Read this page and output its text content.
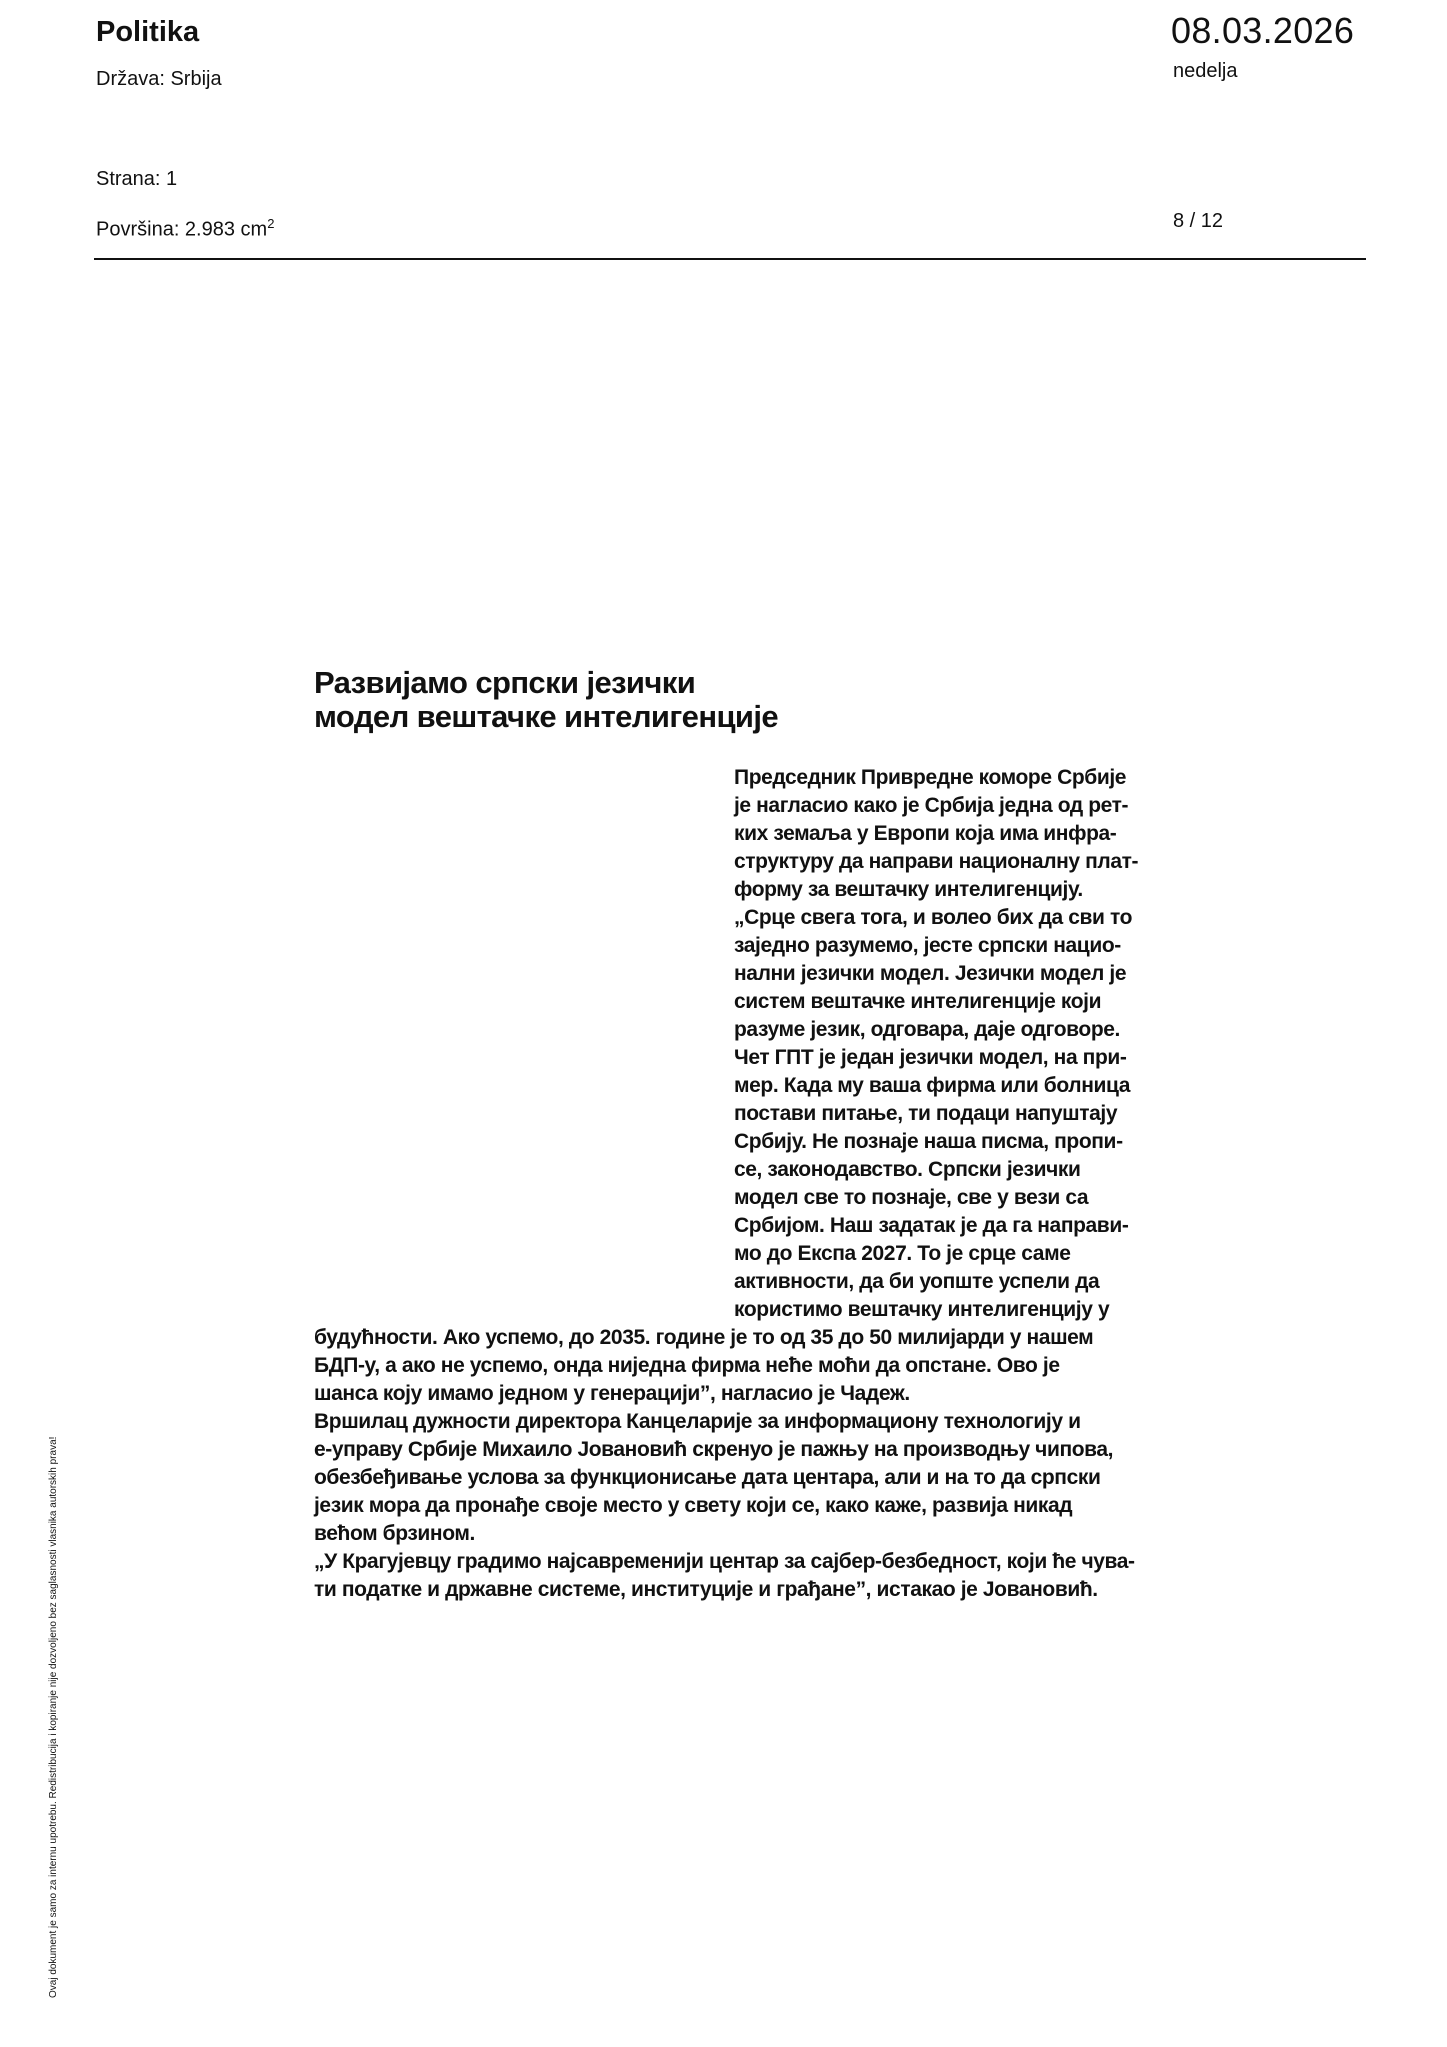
Politika
Država: Srbija
Strana: 1
Površina: 2.983 $cm^2$
08.03.2026
nedelja
8 / 12
Развијамо српски језички
модел вештачке интелигенције
Председник Привредне коморе Србије
је нагласио како је Србија једна од рет-
ких земаља у Европи која има инфра-
структуру да направи националну плат-
форму за вештачку интелигенцију.
„Срце свега тога, и волео бих да сви то
заједно разумемо, јесте српски нацио-
нални језички модел. Језички модел је
систем вештачке интелигенције који
разуме језик, одговара, даје одговоре.
Чет ГПТ је један језички модел, на при-
мер. Када му ваша фирма или болница
постави питање, ти подаци напуштају
Србију. Не познаје наша писма, пропи-
се, законодавство. Српски језички
модел све то познаје, све у вези са
Србијом. Наш задатак је да га направи-
мо до Експа 2027. То је срце саме
активности, да би уопште успели да
користимо вештачку интелигенцију у
будућности. Ако успемо, до 2035. године је то од 35 до 50 милијарди у нашем
БДП-у, а ако не успемо, онда ниједна фирма неће моћи да опстане. Ово је
шанса коју имамо једном у генерацији”, нагласио је Чадеж.
Вршилац дужности директора Канцеларије за информациону технологију и
е-управу Србије Михаило Јовановић скренуо је пажњу на производњу чипова,
обезбеђивање услова за функционисање дата центара, али и на то да српски
језик мора да пронађе своје место у свету који се, како каже, развија никад
већом брзином.
„У Крагујевцу градимо најсавременији центар за сајбер-безбедност, који ће чува-
ти податке и државне системе, институције и грађане”, истакао је Јовановић.
Ovaj dokument je samo za internu upotrebu. Redistribucija i kopiranje nije dozvoljeno bez saglasnosti vlasnika autorskih prava!
